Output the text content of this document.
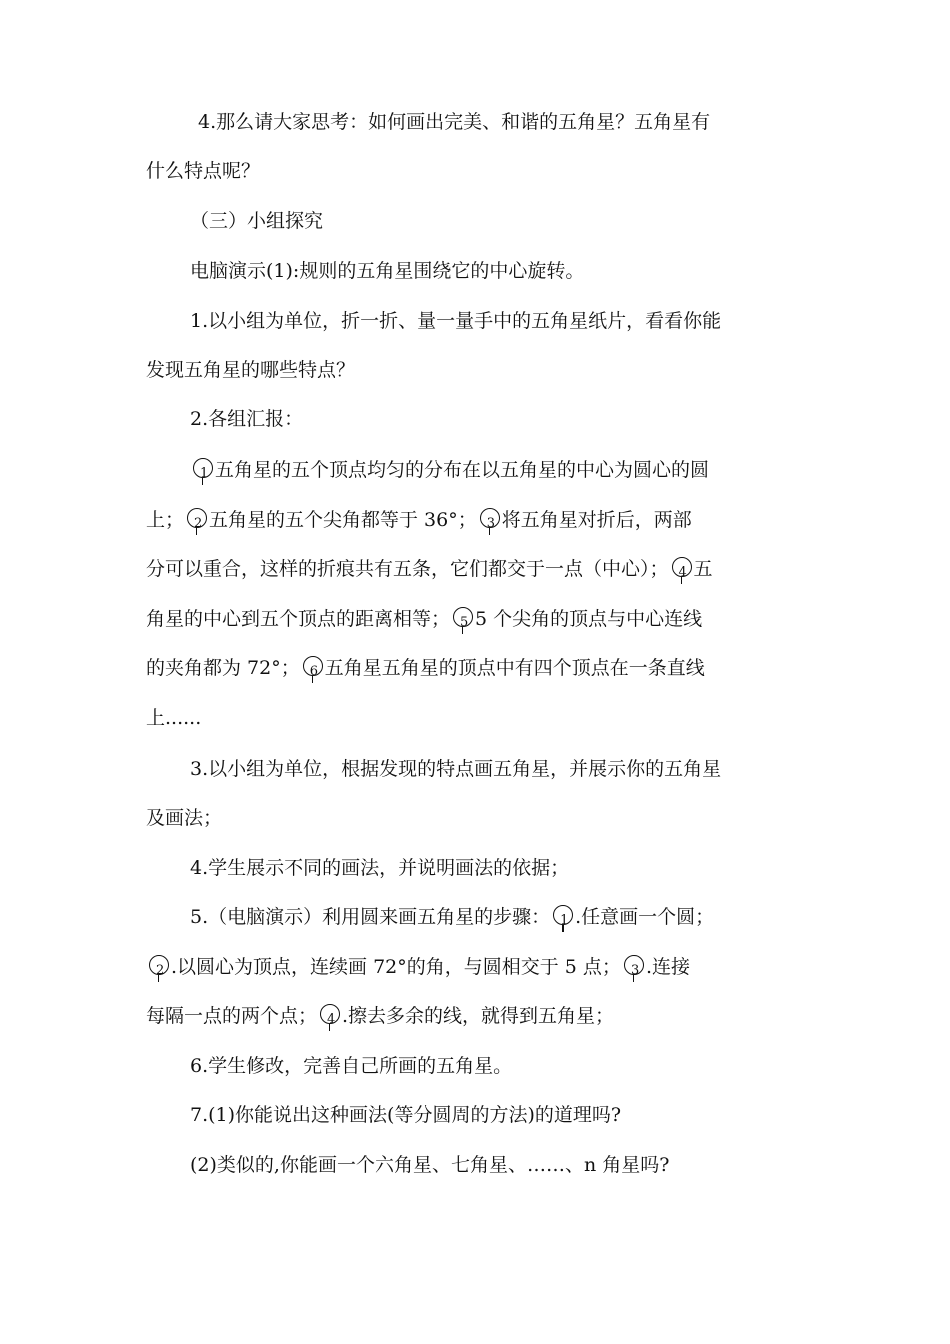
4.那么请大家思考：如何画出完美、和谐的五角星？五角星有
什么特点呢？
（三）小组探究
电脑演示(1):规则的五角星围绕它的中心旋转。
1.以小组为单位，折一折、量一量手中的五角星纸片，看看你能
发现五角星的哪些特点？
2.各组汇报：
1 五角星的五个顶点均匀的分布在以五角星的中心为圆心的圆
上； 2 五角星的五个尖角都等于 36°； 3 将五角星对折后，两部
分可以重合，这样的折痕共有五条，它们都交于一点（中心）； 4 五
角星的中心到五个顶点的距离相等； 5 5 个尖角的顶点与中心连线
的夹角都为 72°； 6 五角星五角星的顶点中有四个顶点在一条直线
上......
3.以小组为单位，根据发现的特点画五角星，并展示你的五角星
及画法；
4.学生展示不同的画法，并说明画法的依据；
5.（电脑演示）利用圆来画五角星的步骤： 1 .任意画一个圆；
2 .以圆心为顶点，连续画 72°的角，与圆相交于 5 点； 3 .连接
每隔一点的两个点； 4 .擦去多余的线，就得到五角星；
6.学生修改，完善自己所画的五角星。
7.(1)你能说出这种画法(等分圆周的方法)的道理吗?
(2)类似的,你能画一个六角星、七角星、……、n 角星吗?
